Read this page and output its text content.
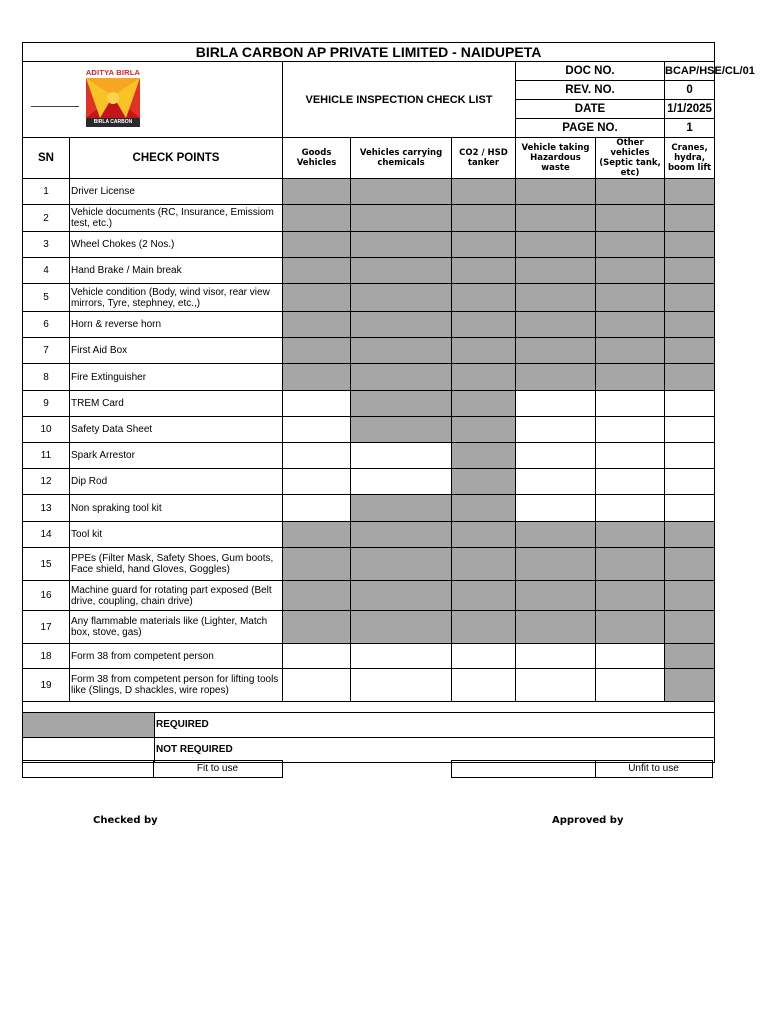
BIRLA CARBON AP PRIVATE LIMITED - NAIDUPETA							

ADITYA BIRLA
BIRLA CARBON		VEHICLE INSPECTION CHECK LIST			DOC NO.		BCAP/HSE/CL/01
					REV. NO.		0
					DATE		1/1/2025
					PAGE NO.		1
SN	CHECK POINTS	Goods Vehicles	Vehicles carrying chemicals	CO2 / HSD tanker	Vehicle taking Hazardous waste	Other vehicles (Septic tank, etc)	Cranes, hydra, boom lift
1	Driver License						
2	Vehicle documents (RC, Insurance, Emissiom test, etc.)						
3	Wheel Chokes (2 Nos.)						
4	Hand Brake / Main break						
5	Vehicle condition (Body, wind visor, rear view mirrors, Tyre, stephney, etc.,)						
6	Horn & reverse horn						
7	First Aid Box						
8	Fire Extinguisher						
9	TREM Card						
10	Safety Data Sheet						
11	Spark Arrestor						
12	Dip Rod						
13	Non spraking tool kit						
14	Tool kit						
15	PPEs (Filter Mask, Safety Shoes, Gum boots, Face shield, hand Gloves, Goggles)						
16	Machine guard for rotating part exposed (Belt drive, coupling, chain drive)						
17	Any flammable materials like (Lighter, Match box, stove, gas)						
18	Form 38 from competent person						
19	Form 38 from competent person for lifting tools like (Slings, D shackles, wire ropes)						

REQUIRED							

NOT REQUIRED							

Fit to use	Unfit to use
Checked by	Approved by
